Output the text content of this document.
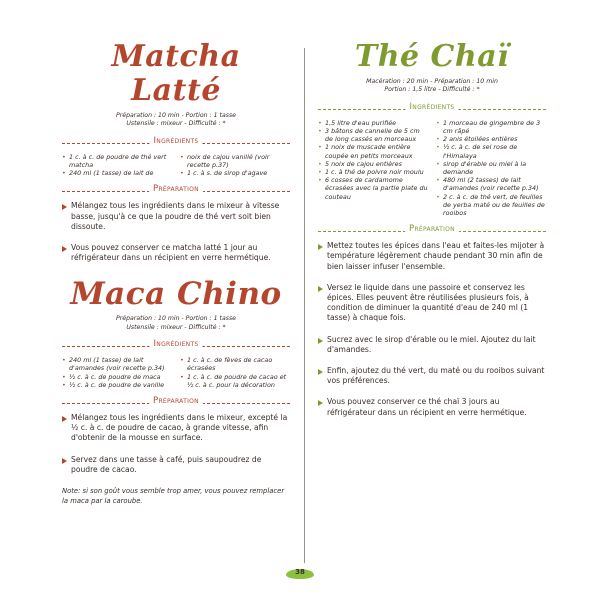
Matcha Latté
Préparation : 10 min - Portion : 1 tasse
Ustensile : mixeur - Difficulté : *
Ingrédients
• 1 c. à c. de poudre de thé vert matcha
• 240 ml (1 tasse) de lait de
• noix de cajou vanillé (voir recette p.37)
• 1 c. à s. de sirop d'agave
Préparation
Mélangez tous les ingrédients dans le mixeur à vitesse basse, jusqu'à ce que la poudre de thé vert soit bien dissoute.
Vous pouvez conserver ce matcha latté 1 jour au réfrigérateur dans un récipient en verre hermétique.
Maca Chino
Préparation : 10 min - Portion : 1 tasse
Ustensile : mixeur - Difficulté : *
Ingrédients
• 240 ml (1 tasse) de lait d'amandes (voir recette p.34)
• ½ c. à c. de poudre de maca
• ½ c. à c. de poudre de vanille
• 1 c. à c. de fèves de cacao écrasées
• 1 c. à c. de poudre de cacao et ½ c. à c. pour la décoration
Préparation
Mélangez tous les ingrédients dans le mixeur, excepté la ½ c. à c. de poudre de cacao, à grande vitesse, afin d'obtenir de la mousse en surface.
Servez dans une tasse à café, puis saupoudrez de poudre de cacao.
Note: si son goût vous semble trop amer, vous pouvez remplacer la maca par la caroube.
Thé Chaï
Macération : 20 min - Préparation : 10 min
Portion : 1,5 litre - Difficulté : *
Ingrédients
• 1,5 litre d'eau purifiée
• 3 bâtons de cannelle de 5 cm de long cassés en morceaux
• 1 noix de muscade entière coupée en petits morceaux
• 5 noix de cajou entières
• 1 c. à thé de poivre noir moulu
• 6 cosses de cardamome écrasées avec la partie plate du couteau
• 1 morceau de gingembre de 3 cm râpé
• 2 anis étoilées entières
• ½ c. à c. de sel rose de l'Himalaya
• sirop d'érable ou miel à la demande
• 480 ml (2 tasses) de lait d'amandes (voir recette p.34)
• 2 c. à c. de thé vert, de feuilles de yerba maté ou de feuilles de rooibos
Préparation
Mettez toutes les épices dans l'eau et faites-les mijoter à température légèrement chaude pendant 30 min afin de bien laisser infuser l'ensemble.
Versez le liquide dans une passoire et conservez les épices. Elles peuvent être réutilisées plusieurs fois, à condition de diminuer la quantité d'eau de 240 ml (1 tasse) à chaque fois.
Sucrez avec le sirop d'érable ou le miel. Ajoutez du lait d'amandes.
Enfin, ajoutez du thé vert, du maté ou du rooibos suivant vos préférences.
Vous pouvez conserver ce thé chaï 3 jours au réfrigérateur dans un récipient en verre hermétique.
38
